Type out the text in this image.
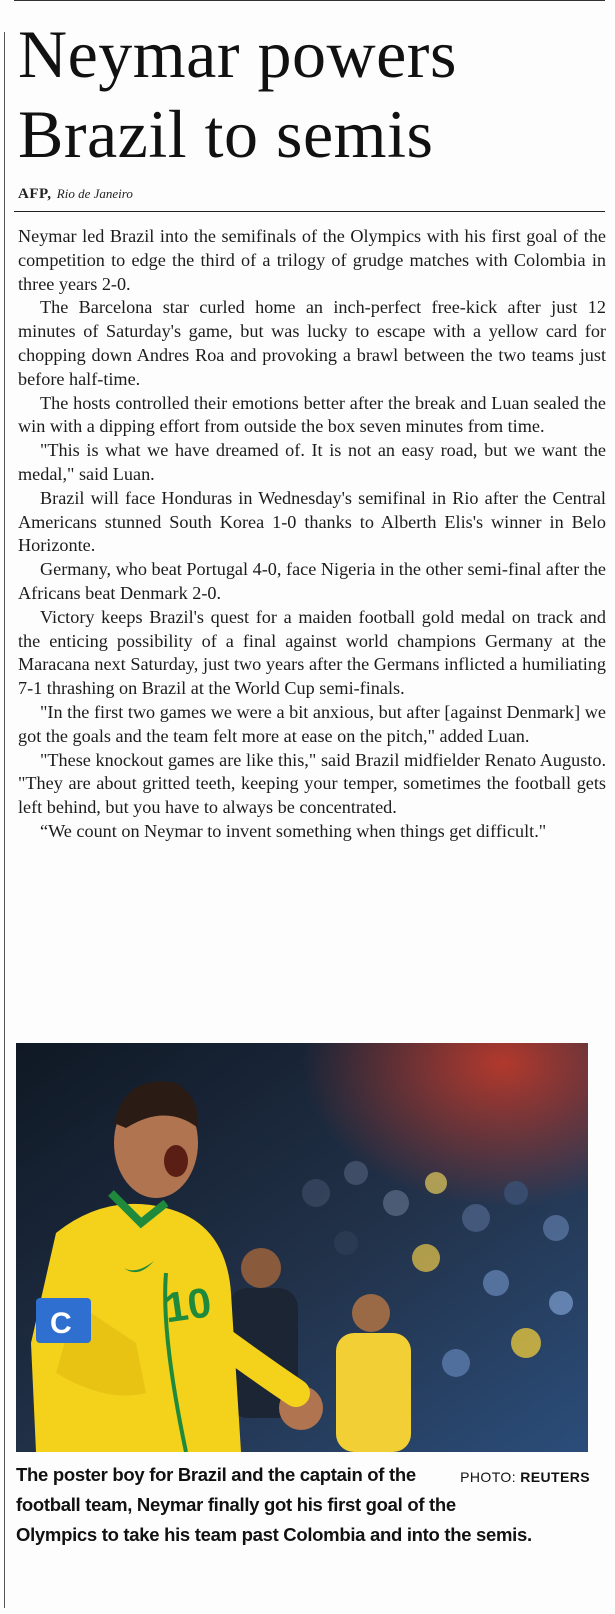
Neymar powers Brazil to semis
AFP, Rio de Janeiro

Neymar led Brazil into the semifinals of the Olympics with his first goal of the competition to edge the third of a trilogy of grudge matches with Colombia in three years 2-0.

The Barcelona star curled home an inch-perfect free-kick after just 12 minutes of Saturday's game, but was lucky to escape with a yellow card for chopping down Andres Roa and provoking a brawl between the two teams just before half-time.

The hosts controlled their emotions better after the break and Luan sealed the win with a dipping effort from outside the box seven minutes from time.

"This is what we have dreamed of. It is not an easy road, but we want the medal," said Luan.

Brazil will face Honduras in Wednesday's semifinal in Rio after the Central Americans stunned South Korea 1-0 thanks to Alberth Elis's winner in Belo Horizonte.

Germany, who beat Portugal 4-0, face Nigeria in the other semi-final after the Africans beat Denmark 2-0.

Victory keeps Brazil's quest for a maiden football gold medal on track and the enticing possibility of a final against world champions Germany at the Maracana next Saturday, just two years after the Germans inflicted a humiliating 7-1 thrashing on Brazil at the World Cup semi-finals.

"In the first two games we were a bit anxious, but after [against Denmark] we got the goals and the team felt more at ease on the pitch," added Luan.

"These knockout games are like this," said Brazil midfielder Renato Augusto. "They are about gritted teeth, keeping your temper, sometimes the football gets left behind, but you have to always be concentrated.

“We count on Neymar to invent something when things get difficult."

C 10
PHOTO: REUTERS
The poster boy for Brazil and the captain of the football team, Neymar finally got his first goal of the Olympics to take his team past Colombia and into the semis.
